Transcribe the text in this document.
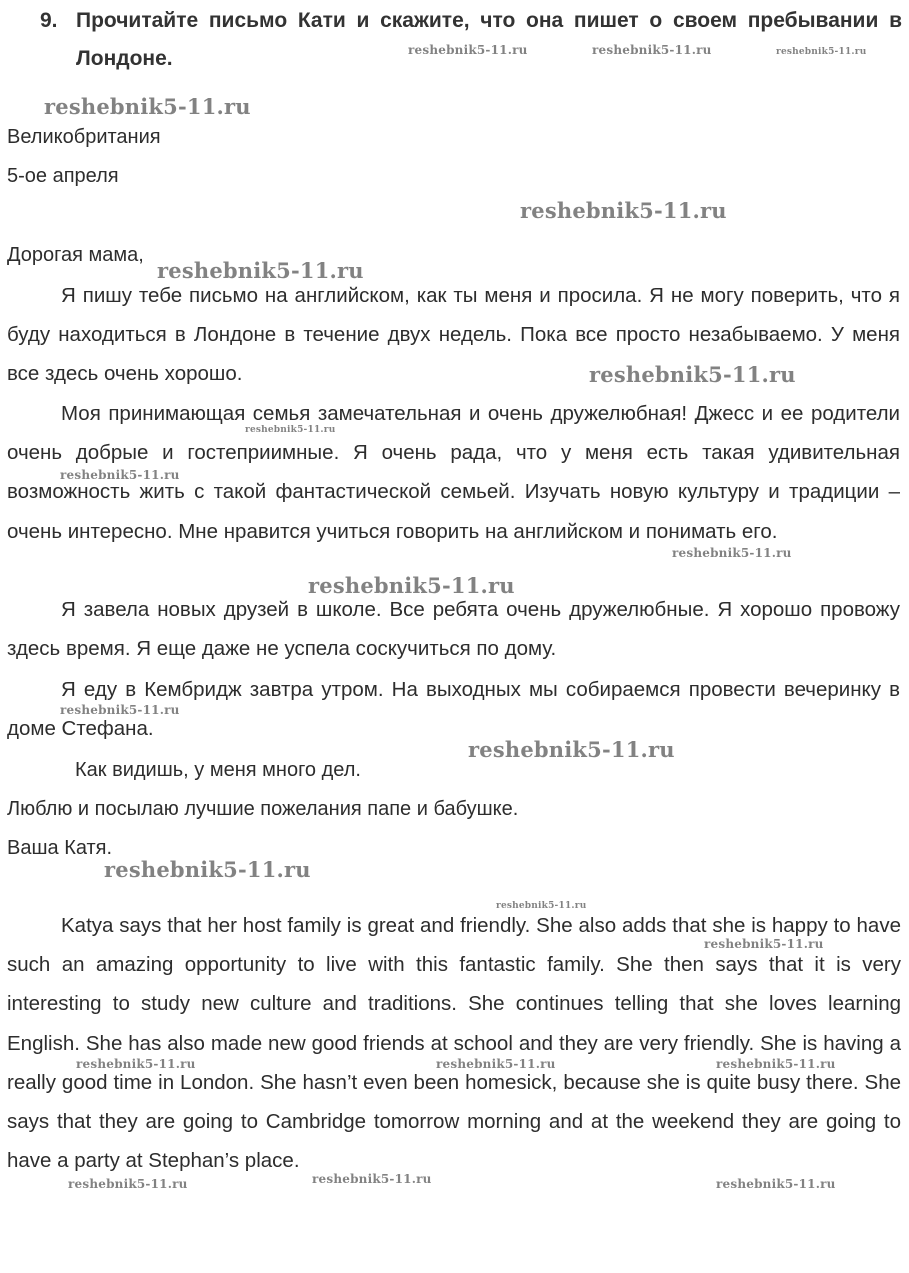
9. Прочитайте письмо Кати и скажите, что она пишет о своем пребывании в Лондоне.
Великобритания
5-ое апреля
Дорогая мама,
Я пишу тебе письмо на английском, как ты меня и просила. Я не могу поверить, что я буду находиться в Лондоне в течение двух недель. Пока все просто незабываемо. У меня все здесь очень хорошо.
Моя принимающая семья замечательная и очень дружелюбная! Джесс и ее родители очень добрые и гостеприимные. Я очень рада, что у меня есть такая удивительная возможность жить с такой фантастической семьей. Изучать новую культуру и традиции – очень интересно. Мне нравится учиться говорить на английском и понимать его.
Я завела новых друзей в школе. Все ребята очень дружелюбные. Я хорошо провожу здесь время. Я еще даже не успела соскучиться по дому.
Я еду в Кембридж завтра утром. На выходных мы собираемся провести вечеринку в доме Стефана.
Как видишь, у меня много дел.
Люблю и посылаю лучшие пожелания папе и бабушке.
Ваша Катя.
Katya says that her host family is great and friendly. She also adds that she is happy to have such an amazing opportunity to live with this fantastic family. She then says that it is very interesting to study new culture and traditions. She continues telling that she loves learning English. She has also made new good friends at school and they are very friendly. She is having a really good time in London. She hasn’t even been homesick, because she is quite busy there. She says that they are going to Cambridge tomorrow morning and at the weekend they are going to have a party at Stephan’s place.
reshebnik5-11.ru	reshebnik5-11.ru	reshebnik5-11.ru
reshebnik5-11.ru
reshebnik5-11.ru
reshebnik5-11.ru
reshebnik5-11.ru
reshebnik5-11.ru
reshebnik5-11.ru
reshebnik5-11.ru
reshebnik5-11.ru
reshebnik5-11.ru
reshebnik5-11.ru
reshebnik5-11.ru
reshebnik5-11.ru
reshebnik5-11.ru
reshebnik5-11.ru	reshebnik5-11.ru	reshebnik5-11.ru
reshebnik5-11.ru	reshebnik5-11.ru	reshebnik5-11.ru
